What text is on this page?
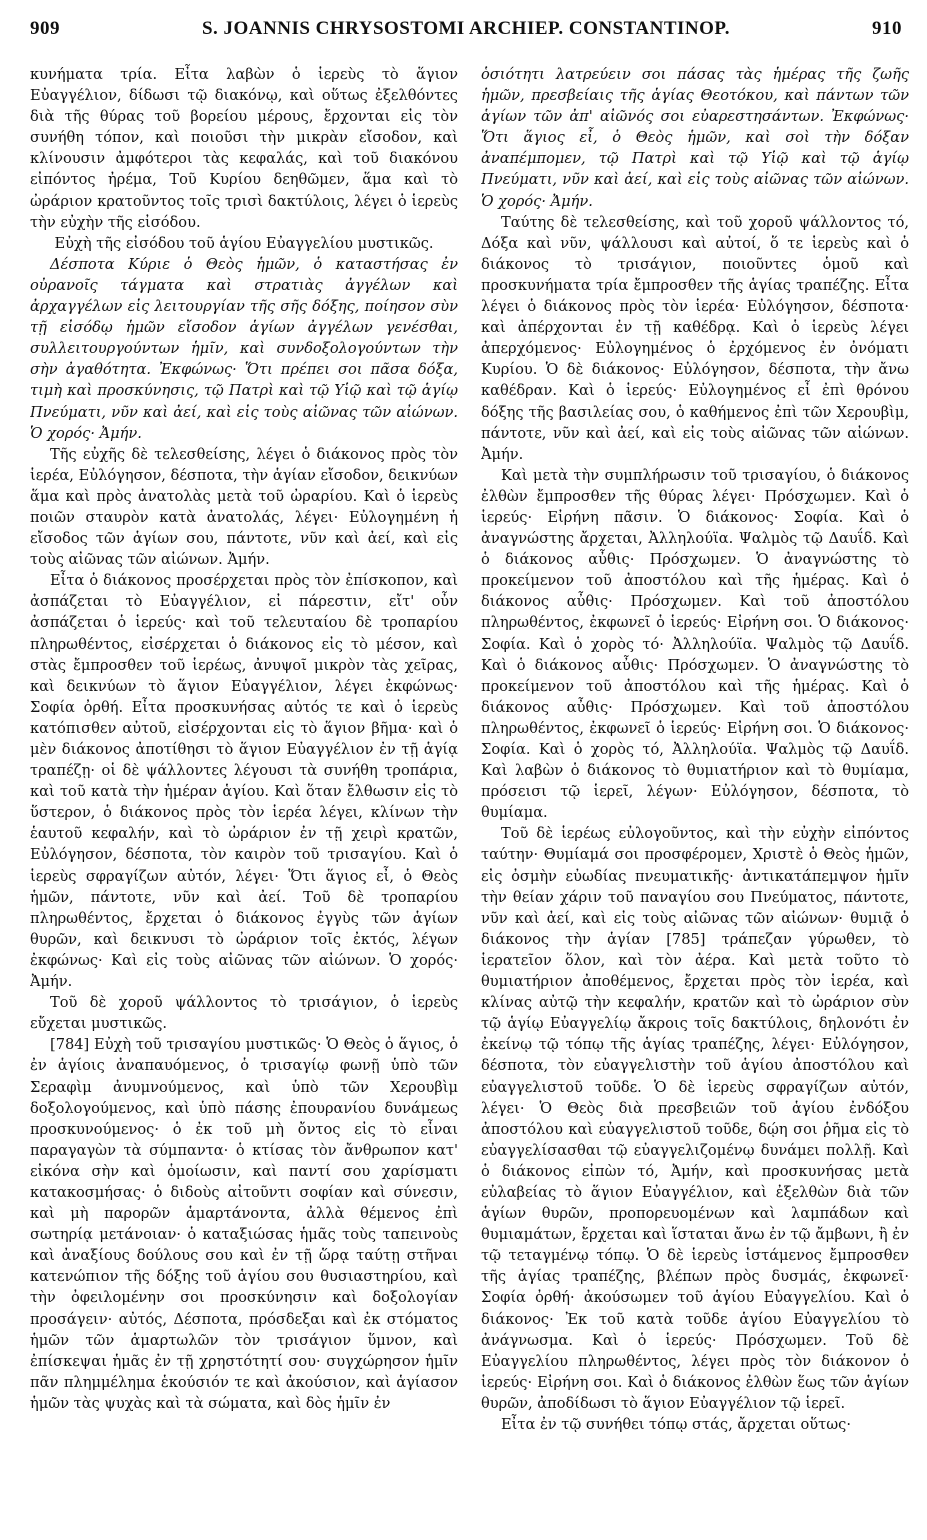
909	S. JOANNIS CHRYSOSTOMI ARCHIEP. CONSTANTINOP.	910

κυνήματα τρία. Εἶτα λαβὼν ὁ ἱερεὺς τὸ ἅγιον Εὐαγγέλιον, δίδωσι τῷ διακόνῳ, καὶ οὕτως ἐξελθόντες διὰ τῆς θύρας τοῦ βορείου μέρους, ἔρχονται εἰς τὸν συνήθη τόπον, καὶ ποιοῦσι τὴν μικρὰν εἴσοδον, καὶ κλίνουσιν ἀμφότεροι τὰς κεφαλάς, καὶ τοῦ διακόνου εἰπόντος ἠρέμα, Τοῦ Κυρίου δεηθῶμεν, ἅμα καὶ τὸ ὠράριον κρατοῦντος τοῖς τρισὶ δακτύλοις, λέγει ὁ ἱερεὺς τὴν εὐχὴν τῆς εἰσόδου.

Εὐχὴ τῆς εἰσόδου τοῦ ἁγίου Εὐαγγελίου μυστικῶς.

Δέσποτα Κύριε ὁ Θεὸς ἡμῶν, ὁ καταστήσας ἐν οὐρανοῖς τάγματα καὶ στρατιὰς ἀγγέλων καὶ ἀρχαγγέλων εἰς λειτουργίαν τῆς σῆς δόξης, ποίησον σὺν τῇ εἰσόδῳ ἡμῶν εἴσοδον ἁγίων ἀγγέλων γενέσθαι, συλλειτουργούντων ἡμῖν, καὶ συνδοξολογούντων τὴν σὴν ἀγαθότητα. Ἐκφώνως· Ὅτι πρέπει σοι πᾶσα δόξα, τιμὴ καὶ προσκύνησις, τῷ Πατρὶ καὶ τῷ Υἱῷ καὶ τῷ ἁγίῳ Πνεύματι, νῦν καὶ ἀεί, καὶ εἰς τοὺς αἰῶνας τῶν αἰώνων. Ὁ χορός· Ἀμήν.

Τῆς εὐχῆς δὲ τελεσθείσης, λέγει ὁ διάκονος πρὸς τὸν ἱερέα, Εὐλόγησον, δέσποτα, τὴν ἁγίαν εἴσοδον, δεικνύων ἅμα καὶ πρὸς ἀνατολὰς μετὰ τοῦ ὠραρίου. Καὶ ὁ ἱερεὺς ποιῶν σταυρὸν κατὰ ἀνατολάς, λέγει· Εὐλογημένη ἡ εἴσοδος τῶν ἁγίων σου, πάντοτε, νῦν καὶ ἀεί, καὶ εἰς τοὺς αἰῶνας τῶν αἰώνων. Ἀμήν.

Εἶτα ὁ διάκονος προσέρχεται πρὸς τὸν ἐπίσκοπον, καὶ ἀσπάζεται τὸ Εὐαγγέλιον, εἰ πάρεστιν, εἴτ' οὖν ἀσπάζεται ὁ ἱερεύς· καὶ τοῦ τελευταίου δὲ τροπαρίου πληρωθέντος, εἰσέρχεται ὁ διάκονος εἰς τὸ μέσον, καὶ στὰς ἔμπροσθεν τοῦ ἱερέως, ἀνυψοῖ μικρὸν τὰς χεῖρας, καὶ δεικνύων τὸ ἅγιον Εὐαγγέλιον, λέγει ἐκφώνως· Σοφία ὀρθή. Εἶτα προσκυνήσας αὐτός τε καὶ ὁ ἱερεὺς κατόπισθεν αὐτοῦ, εἰσέρχονται εἰς τὸ ἅγιον βῆμα· καὶ ὁ μὲν διάκονος ἀποτίθησι τὸ ἅγιον Εὐαγγέλιον ἐν τῇ ἁγίᾳ τραπέζῃ· οἱ δὲ ψάλλοντες λέγουσι τὰ συνήθη τροπάρια, καὶ τοῦ κατὰ τὴν ἡμέραν ἁγίου. Καὶ ὅταν ἔλθωσιν εἰς τὸ ὕστερον, ὁ διάκονος πρὸς τὸν ἱερέα λέγει, κλίνων τὴν ἑαυτοῦ κεφαλήν, καὶ τὸ ὠράριον ἐν τῇ χειρὶ κρατῶν, Εὐλόγησον, δέσποτα, τὸν καιρὸν τοῦ τρισαγίου. Καὶ ὁ ἱερεὺς σφραγίζων αὐτόν, λέγει· Ὅτι ἅγιος εἶ, ὁ Θεὸς ἡμῶν, πάντοτε, νῦν καὶ ἀεί. Τοῦ δὲ τροπαρίου πληρωθέντος, ἔρχεται ὁ διάκονος ἐγγὺς τῶν ἁγίων θυρῶν, καὶ δεικνυσι τὸ ὠράριον τοῖς ἐκτός, λέγων ἐκφώνως· Καὶ εἰς τοὺς αἰῶνας τῶν αἰώνων. Ὁ χορός· Ἀμήν.

Τοῦ δὲ χοροῦ ψάλλοντος τὸ τρισάγιον, ὁ ἱερεὺς εὔχεται μυστικῶς.

[784] Εὐχὴ τοῦ τρισαγίου μυστικῶς· Ὁ Θεὸς ὁ ἅγιος, ὁ ἐν ἁγίοις ἀναπαυόμενος, ὁ τρισαγίῳ φωνῇ ὑπὸ τῶν Σεραφὶμ ἀνυμνούμενος, καὶ ὑπὸ τῶν Χερουβὶμ δοξολογούμενος, καὶ ὑπὸ πάσης ἐπουρανίου δυνάμεως προσκυνούμενος· ὁ ἐκ τοῦ μὴ ὄντος εἰς τὸ εἶναι παραγαγὼν τὰ σύμπαντα· ὁ κτίσας τὸν ἄνθρωπον κατ' εἰκόνα σὴν καὶ ὁμοίωσιν, καὶ παντί σου χαρίσματι κατακοσμήσας· ὁ διδοὺς αἰτοῦντι σοφίαν καὶ σύνεσιν, καὶ μὴ παρορῶν ἁμαρτάνοντα, ἀλλὰ θέμενος ἐπὶ σωτηρίᾳ μετάνοιαν· ὁ καταξιώσας ἡμᾶς τοὺς ταπεινοὺς καὶ ἀναξίους δούλους σου καὶ ἐν τῇ ὥρᾳ ταύτῃ στῆναι κατενώπιον τῆς δόξης τοῦ ἁγίου σου θυσιαστηρίου, καὶ τὴν ὀφειλομένην σοι προσκύνησιν καὶ δοξολογίαν προσάγειν· αὐτός, Δέσποτα, πρόσδεξαι καὶ ἐκ στόματος ἡμῶν τῶν ἁμαρτωλῶν τὸν τρισάγιον ὕμνον, καὶ ἐπίσκεψαι ἡμᾶς ἐν τῇ χρηστότητί σου· συγχώρησον ἡμῖν πᾶν πλημμέλημα ἑκούσιόν τε καὶ ἀκούσιον, καὶ ἁγίασον ἡμῶν τὰς ψυχὰς καὶ τὰ σώματα, καὶ δὸς ἡμῖν ἐν

ὁσιότητι λατρεύειν σοι πάσας τὰς ἡμέρας τῆς ζωῆς ἡμῶν, πρεσβείαις τῆς ἁγίας Θεοτόκου, καὶ πάντων τῶν ἁγίων τῶν ἀπ' αἰῶνός σοι εὐαρεστησάντων. Ἐκφώνως· Ὅτι ἅγιος εἶ, ὁ Θεὸς ἡμῶν, καὶ σοὶ τὴν δόξαν ἀναπέμπομεν, τῷ Πατρὶ καὶ τῷ Υἱῷ καὶ τῷ ἁγίῳ Πνεύματι, νῦν καὶ ἀεί, καὶ εἰς τοὺς αἰῶνας τῶν αἰώνων. Ὁ χορός· Ἀμήν.

Ταύτης δὲ τελεσθείσης, καὶ τοῦ χοροῦ ψάλλοντος τό, Δόξα καὶ νῦν, ψάλλουσι καὶ αὐτοί, ὅ τε ἱερεὺς καὶ ὁ διάκονος τὸ τρισάγιον, ποιοῦντες ὁμοῦ καὶ προσκυνήματα τρία ἔμπροσθεν τῆς ἁγίας τραπέζης. Εἶτα λέγει ὁ διάκονος πρὸς τὸν ἱερέα· Εὐλόγησον, δέσποτα· καὶ ἀπέρχονται ἐν τῇ καθέδρᾳ. Καὶ ὁ ἱερεὺς λέγει ἀπερχόμενος· Εὐλογημένος ὁ ἐρχόμενος ἐν ὀνόματι Κυρίου. Ὁ δὲ διάκονος· Εὐλόγησον, δέσποτα, τὴν ἄνω καθέδραν. Καὶ ὁ ἱερεύς· Εὐλογημένος εἶ ἐπὶ θρόνου δόξης τῆς βασιλείας σου, ὁ καθήμενος ἐπὶ τῶν Χερουβὶμ, πάντοτε, νῦν καὶ ἀεί, καὶ εἰς τοὺς αἰῶνας τῶν αἰώνων. Ἀμήν.

Καὶ μετὰ τὴν συμπλήρωσιν τοῦ τρισαγίου, ὁ διάκονος ἐλθὼν ἔμπροσθεν τῆς θύρας λέγει· Πρόσχωμεν. Καὶ ὁ ἱερεύς· Εἰρήνη πᾶσιν. Ὁ διάκονος· Σοφία. Καὶ ὁ ἀναγνώστης ἄρχεται, Ἀλληλούϊα. Ψαλμὸς τῷ Δαυΐδ. Καὶ ὁ διάκονος αὖθις· Πρόσχωμεν. Ὁ ἀναγνώστης τὸ προκείμενον τοῦ ἀποστόλου καὶ τῆς ἡμέρας. Καὶ ὁ διάκονος αὖθις· Πρόσχωμεν. Καὶ τοῦ ἀποστόλου πληρωθέντος, ἐκφωνεῖ ὁ ἱερεύς· Εἰρήνη σοι. Ὁ διάκονος· Σοφία. Καὶ ὁ χορὸς τό· Ἀλληλούϊα. Ψαλμὸς τῷ Δαυΐδ. Καὶ ὁ διάκονος αὖθις· Πρόσχωμεν. Ὁ ἀναγνώστης τὸ προκείμενον τοῦ ἀποστόλου καὶ τῆς ἡμέρας. Καὶ ὁ διάκονος αὖθις· Πρόσχωμεν. Καὶ τοῦ ἀποστόλου πληρωθέντος, ἐκφωνεῖ ὁ ἱερεύς· Εἰρήνη σοι. Ὁ διάκονος· Σοφία. Καὶ ὁ χορὸς τό, Ἀλληλούϊα. Ψαλμὸς τῷ Δαυΐδ. Καὶ λαβὼν ὁ διάκονος τὸ θυμιατήριον καὶ τὸ θυμίαμα, πρόσεισι τῷ ἱερεῖ, λέγων· Εὐλόγησον, δέσποτα, τὸ θυμίαμα.

Τοῦ δὲ ἱερέως εὐλογοῦντος, καὶ τὴν εὐχὴν εἰπόντος ταύτην· Θυμίαμά σοι προσφέρομεν, Χριστὲ ὁ Θεὸς ἡμῶν, εἰς ὀσμὴν εὐωδίας πνευματικῆς· ἀντικατάπεμψον ἡμῖν τὴν θείαν χάριν τοῦ παναγίου σου Πνεύματος, πάντοτε, νῦν καὶ ἀεί, καὶ εἰς τοὺς αἰῶνας τῶν αἰώνων· θυμιᾷ ὁ διάκονος τὴν ἁγίαν [785] τράπεζαν γύρωθεν, τὸ ἱερατεῖον ὅλον, καὶ τὸν ἀέρα. Καὶ μετὰ τοῦτο τὸ θυμιατήριον ἀποθέμενος, ἔρχεται πρὸς τὸν ἱερέα, καὶ κλίνας αὐτῷ τὴν κεφαλήν, κρατῶν καὶ τὸ ὠράριον σὺν τῷ ἁγίῳ Εὐαγγελίῳ ἄκροις τοῖς δακτύλοις, δηλονότι ἐν ἐκείνῳ τῷ τόπῳ τῆς ἁγίας τραπέζης, λέγει· Εὐλόγησον, δέσποτα, τὸν εὐαγγελιστὴν τοῦ ἁγίου ἀποστόλου καὶ εὐαγγελιστοῦ τοῦδε. Ὁ δὲ ἱερεὺς σφραγίζων αὐτόν, λέγει· Ὁ Θεὸς διὰ πρεσβειῶν τοῦ ἁγίου ἐνδόξου ἀποστόλου καὶ εὐαγγελιστοῦ τοῦδε, δῴη σοι ῥῆμα εἰς τὸ εὐαγγελίσασθαι τῷ εὐαγγελιζομένῳ δυνάμει πολλῇ. Καὶ ὁ διάκονος εἰπὼν τό, Ἀμήν, καὶ προσκυνήσας μετὰ εὐλαβείας τὸ ἅγιον Εὐαγγέλιον, καὶ ἐξελθὼν διὰ τῶν ἁγίων θυρῶν, προπορευομένων καὶ λαμπάδων καὶ θυμιαμάτων, ἔρχεται καὶ ἵσταται ἄνω ἐν τῷ ἄμβωνι, ἢ ἐν τῷ τεταγμένῳ τόπῳ. Ὁ δὲ ἱερεὺς ἱστάμενος ἔμπροσθεν τῆς ἁγίας τραπέζης, βλέπων πρὸς δυσμάς, ἐκφωνεῖ· Σοφία ὀρθή· ἀκούσωμεν τοῦ ἁγίου Εὐαγγελίου. Καὶ ὁ διάκονος· Ἐκ τοῦ κατὰ τοῦδε ἁγίου Εὐαγγελίου τὸ ἀνάγνωσμα. Καὶ ὁ ἱερεύς· Πρόσχωμεν. Τοῦ δὲ Εὐαγγελίου πληρωθέντος, λέγει πρὸς τὸν διάκονον ὁ ἱερεύς· Εἰρήνη σοι. Καὶ ὁ διάκονος ἐλθὼν ἕως τῶν ἁγίων θυρῶν, ἀποδίδωσι τὸ ἅγιον Εὐαγγέλιον τῷ ἱερεῖ.

Εἶτα ἐν τῷ συνήθει τόπῳ στάς, ἄρχεται οὕτως·
